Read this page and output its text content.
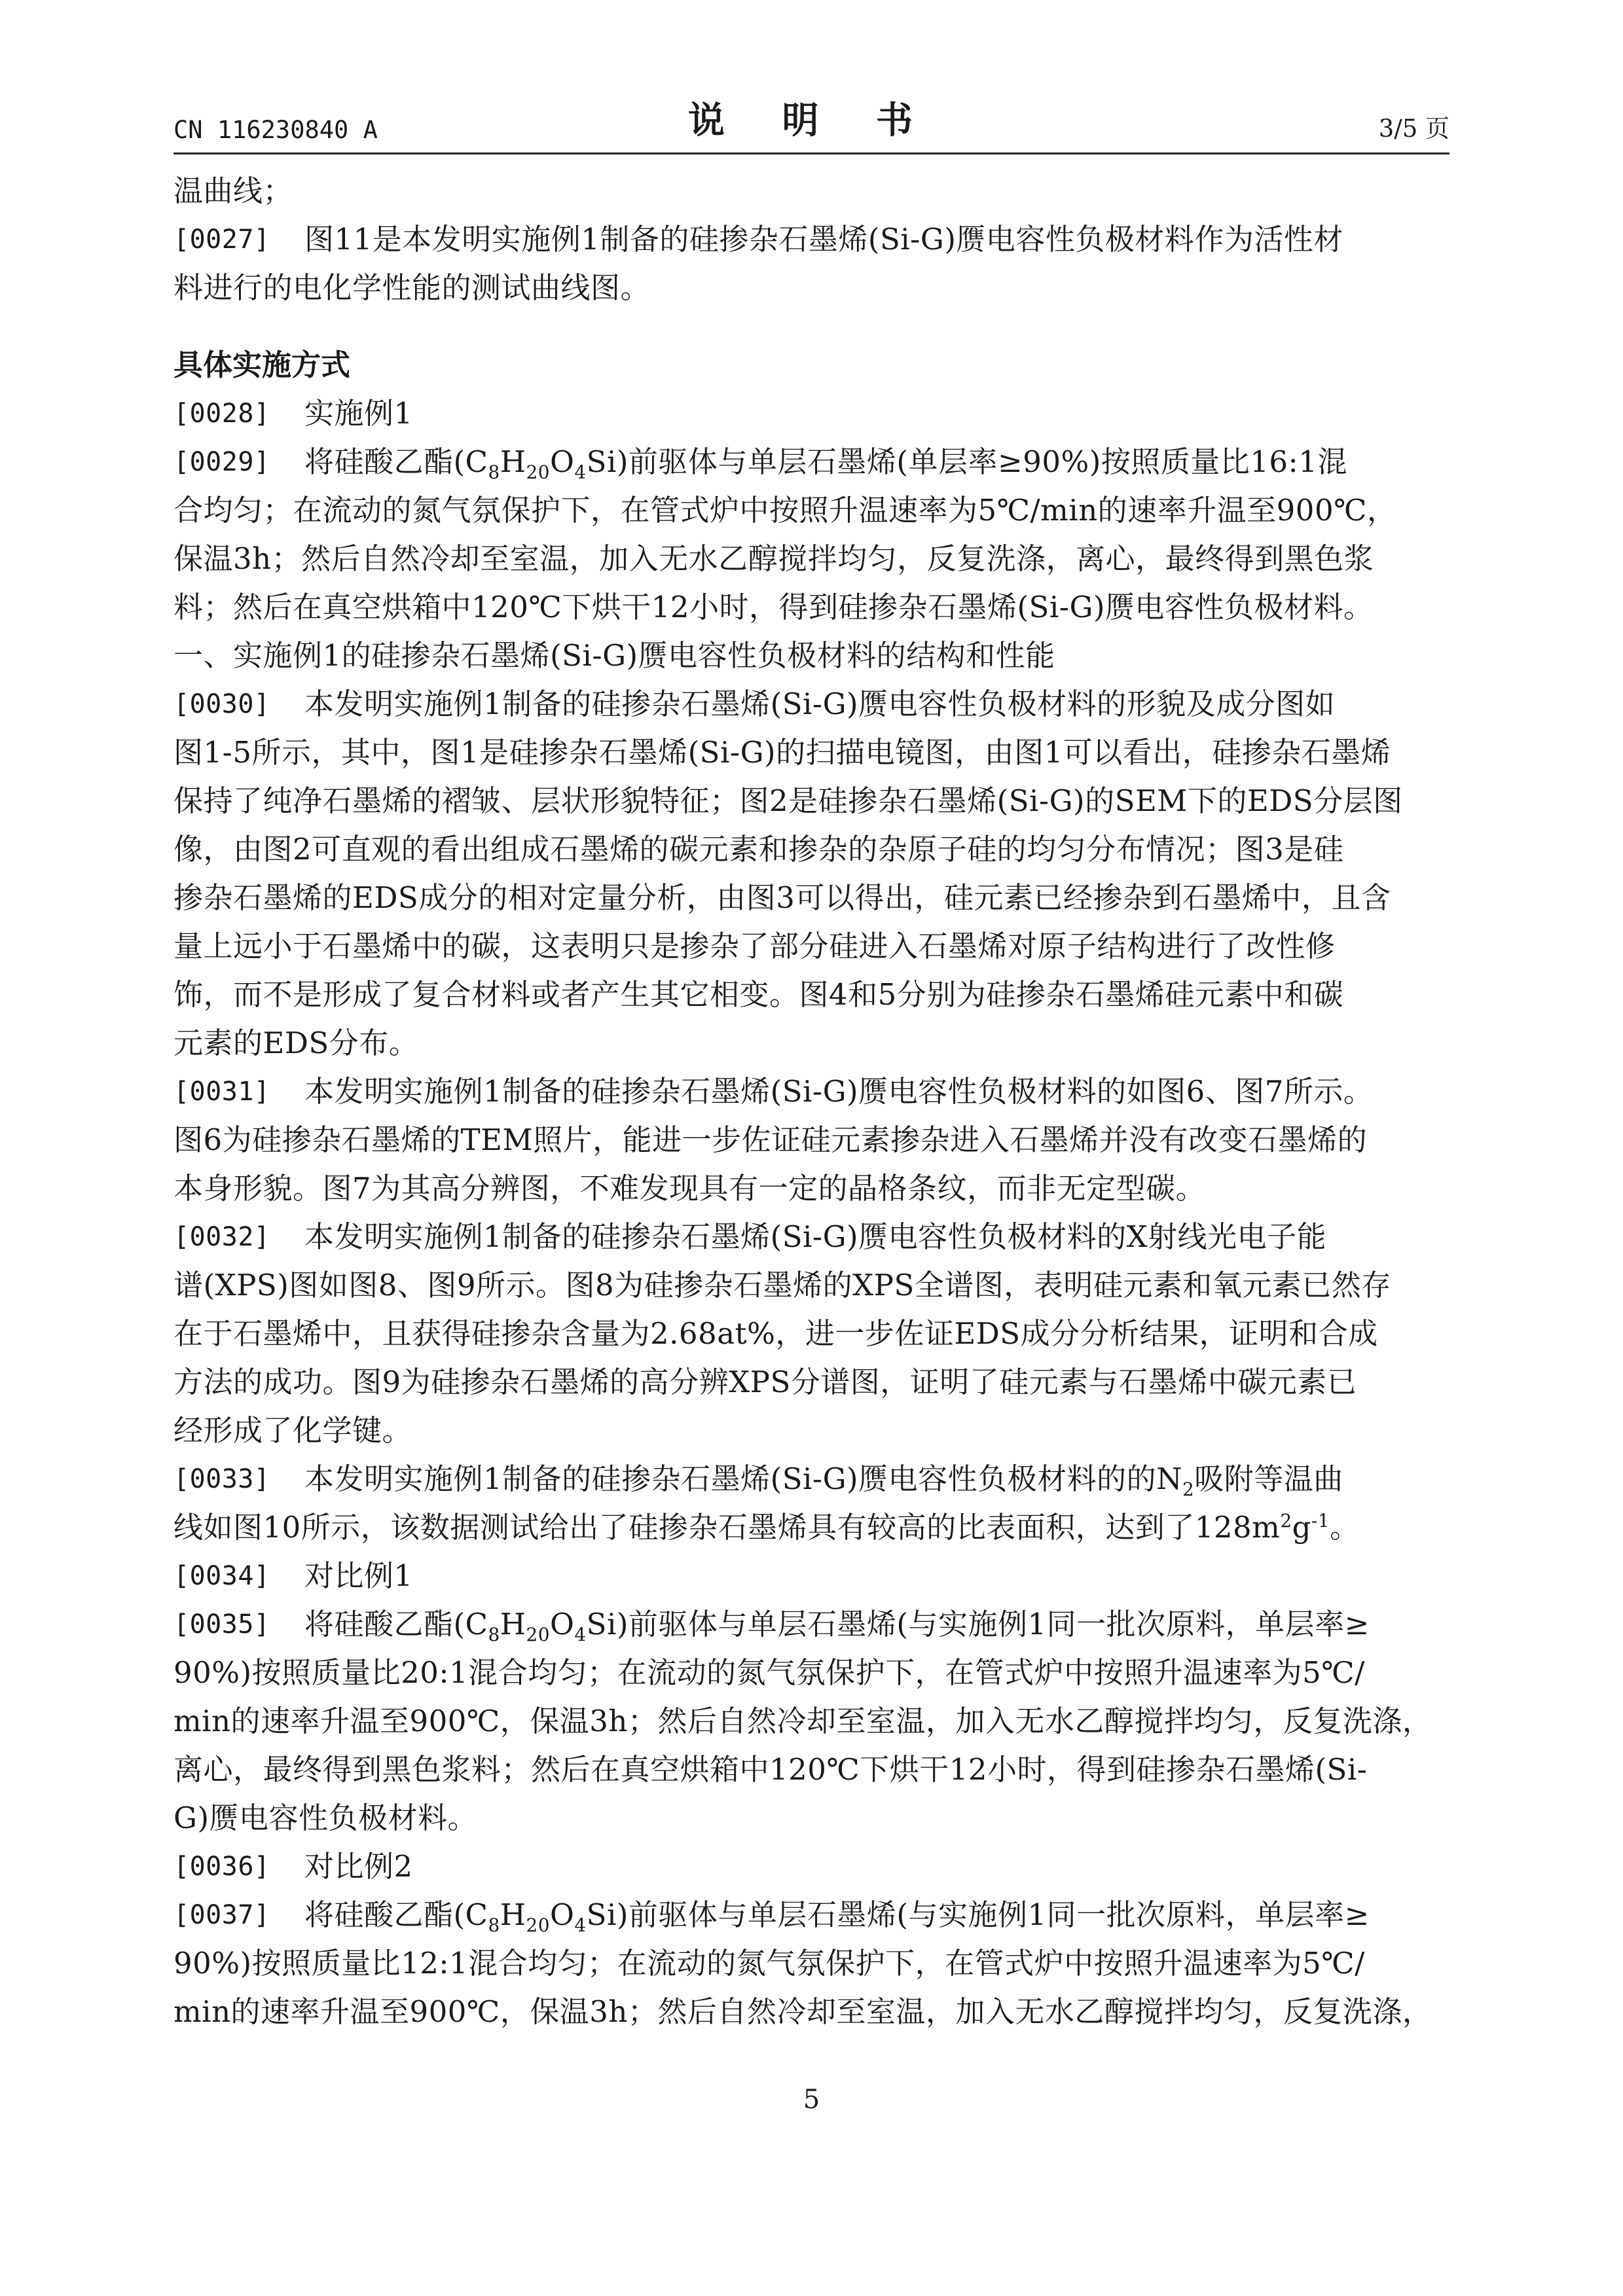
CN 116230840 A	说 明 书	3/5 页
温曲线；
[0027]	图11是本发明实施例1制备的硅掺杂石墨烯(Si-G)赝电容性负极材料作为活性材
料进行的电化学性能的测试曲线图。
具体实施方式
[0028]	实施例1
[0029]	将硅酸乙酯$(C_8H_{20}O_4Si)$前驱体与单层石墨烯(单层率≥90%)按照质量比16:1混
合均匀；在流动的氮气氛保护下，在管式炉中按照升温速率为5℃/min的速率升温至900℃，
保温3h；然后自然冷却至室温，加入无水乙醇搅拌均匀，反复洗涤，离心，最终得到黑色浆
料；然后在真空烘箱中120℃下烘干12小时，得到硅掺杂石墨烯(Si-G)赝电容性负极材料。
一、实施例1的硅掺杂石墨烯(Si-G)赝电容性负极材料的结构和性能
[0030]	本发明实施例1制备的硅掺杂石墨烯(Si-G)赝电容性负极材料的形貌及成分图如
图1-5所示，其中，图1是硅掺杂石墨烯(Si-G)的扫描电镜图，由图1可以看出，硅掺杂石墨烯
保持了纯净石墨烯的褶皱、层状形貌特征；图2是硅掺杂石墨烯(Si-G)的SEM下的EDS分层图
像，由图2可直观的看出组成石墨烯的碳元素和掺杂的杂原子硅的均匀分布情况；图3是硅
掺杂石墨烯的EDS成分的相对定量分析，由图3可以得出，硅元素已经掺杂到石墨烯中，且含
量上远小于石墨烯中的碳，这表明只是掺杂了部分硅进入石墨烯对原子结构进行了改性修
饰，而不是形成了复合材料或者产生其它相变。图4和5分别为硅掺杂石墨烯硅元素中和碳
元素的EDS分布。
[0031]	本发明实施例1制备的硅掺杂石墨烯(Si-G)赝电容性负极材料的如图6、图7所示。
图6为硅掺杂石墨烯的TEM照片，能进一步佐证硅元素掺杂进入石墨烯并没有改变石墨烯的
本身形貌。图7为其高分辨图，不难发现具有一定的晶格条纹，而非无定型碳。
[0032]	本发明实施例1制备的硅掺杂石墨烯(Si-G)赝电容性负极材料的X射线光电子能
谱(XPS)图如图8、图9所示。图8为硅掺杂石墨烯的XPS全谱图，表明硅元素和氧元素已然存
在于石墨烯中，且获得硅掺杂含量为2.68at%，进一步佐证EDS成分分析结果，证明和合成
方法的成功。图9为硅掺杂石墨烯的高分辨XPS分谱图，证明了硅元素与石墨烯中碳元素已
经形成了化学键。
[0033]	本发明实施例1制备的硅掺杂石墨烯(Si-G)赝电容性负极材料的的$N_2$吸附等温曲
线如图10所示，该数据测试给出了硅掺杂石墨烯具有较高的比表面积，达到了$128m^2g^{-1}$。
[0034]	对比例1
[0035]	将硅酸乙酯$(C_8H_{20}O_4Si)$前驱体与单层石墨烯(与实施例1同一批次原料，单层率≥
90%)按照质量比20:1混合均匀；在流动的氮气氛保护下，在管式炉中按照升温速率为5℃/
min的速率升温至900℃，保温3h；然后自然冷却至室温，加入无水乙醇搅拌均匀，反复洗涤，
离心，最终得到黑色浆料；然后在真空烘箱中120℃下烘干12小时，得到硅掺杂石墨烯(Si-
G)赝电容性负极材料。
[0036]	对比例2
[0037]	将硅酸乙酯$(C_8H_{20}O_4Si)$前驱体与单层石墨烯(与实施例1同一批次原料，单层率≥
90%)按照质量比12:1混合均匀；在流动的氮气氛保护下，在管式炉中按照升温速率为5℃/
min的速率升温至900℃，保温3h；然后自然冷却至室温，加入无水乙醇搅拌均匀，反复洗涤，
5
